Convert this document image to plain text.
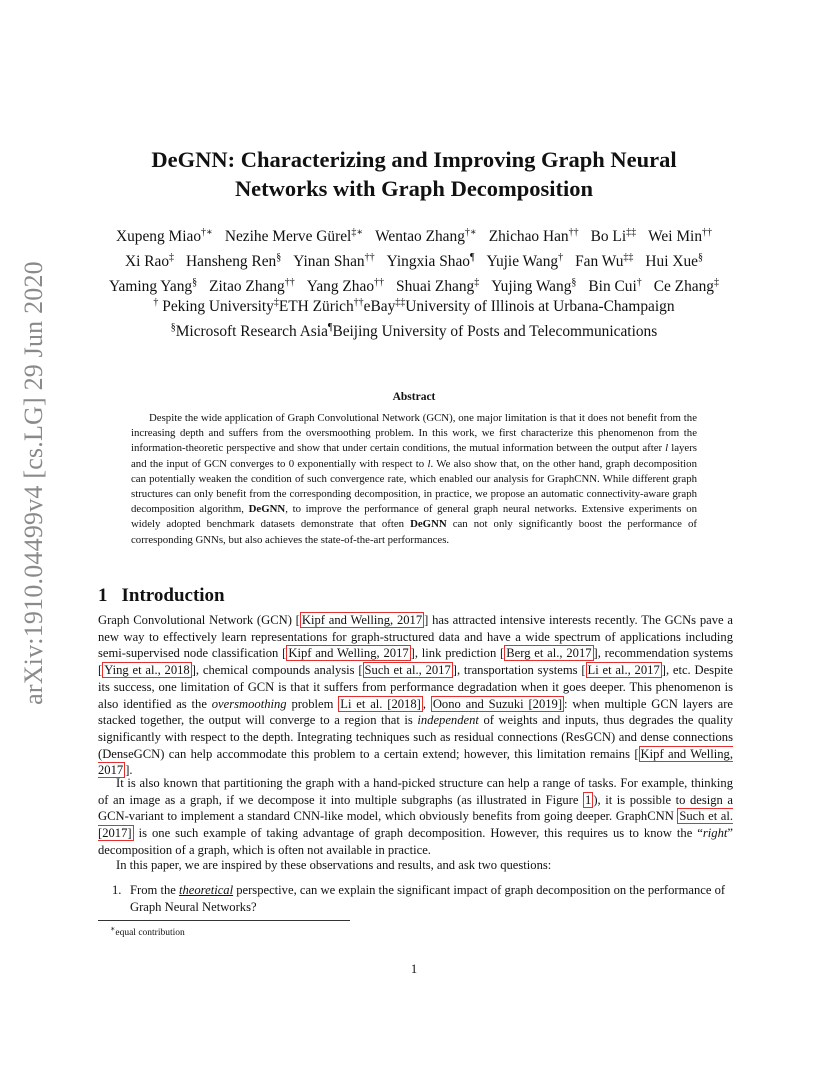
arXiv:1910.04499v4 [cs.LG] 29 Jun 2020
DeGNN: Characterizing and Improving Graph Neural
Networks with Graph Decomposition
Xupeng Miao†∗ Nezihe Merve Gürel‡∗ Wentao Zhang†∗ Zhichao Han†† Bo Li‡‡ Wei Min††
Xi Rao‡ Hansheng Ren§ Yinan Shan†† Yingxia Shao¶ Yujie Wang† Fan Wu‡‡ Hui Xue§
Yaming Yang§ Zitao Zhang†† Yang Zhao†† Shuai Zhang‡ Yujing Wang§ Bin Cui† Ce Zhang‡
† Peking University‡ETH Zürich††eBay‡‡University of Illinois at Urbana-Champaign
§Microsoft Research Asia¶Beijing University of Posts and Telecommunications
Abstract
Despite the wide application of Graph Convolutional Network (GCN), one major limitation is that it does not benefit from the increasing depth and suffers from the oversmoothing problem. In this work, we first characterize this phenomenon from the information-theoretic perspective and show that under certain conditions, the mutual information between the output after l layers and the input of GCN converges to 0 exponentially with respect to l. We also show that, on the other hand, graph decomposition can potentially weaken the condition of such convergence rate, which enabled our analysis for GraphCNN. While different graph structures can only benefit from the corresponding decomposition, in practice, we propose an automatic connectivity-aware graph decomposition algorithm, DeGNN, to improve the performance of general graph neural networks. Extensive experiments on widely adopted benchmark datasets demonstrate that often DeGNN can not only significantly boost the performance of corresponding GNNs, but also achieves the state-of-the-art performances.
1 Introduction
Graph Convolutional Network (GCN) [ Kipf and Welling, 2017 ] has attracted intensive interests recently. The GCNs pave a new way to effectively learn representations for graph-structured data and have a wide spectrum of applications including semi-supervised node classification [ Kipf and Welling, 2017 ], link prediction [ Berg et al., 2017 ], recommendation systems [ Ying et al., 2018 ], chemical compounds analysis [ Such et al., 2017 ], transportation systems [ Li et al., 2017 ], etc. Despite its success, one limitation of GCN is that it suffers from performance degradation when it goes deeper. This phenomenon is also identified as the oversmoothing problem Li et al. [2018] , Oono and Suzuki [2019] : when multiple GCN layers are stacked together, the output will converge to a region that is independent of weights and inputs, thus degrades the quality significantly with respect to the depth. Integrating techniques such as residual connections (ResGCN) and dense connections (DenseGCN) can help accommodate this problem to a certain extend; however, this limitation remains [ Kipf and Welling, 2017 ].
It is also known that partitioning the graph with a hand-picked structure can help a range of tasks. For example, thinking of an image as a graph, if we decompose it into multiple subgraphs (as illustrated in Figure 1 ), it is possible to design a GCN-variant to implement a standard CNN-like model, which obviously benefits from going deeper. GraphCNN Such et al. [2017] is one such example of taking advantage of graph decomposition. However, this requires us to know the “right” decomposition of a graph, which is often not available in practice.
In this paper, we are inspired by these observations and results, and ask two questions:
1. From the theoretical perspective, can we explain the significant impact of graph decomposition on the performance of Graph Neural Networks?
∗equal contribution
1
